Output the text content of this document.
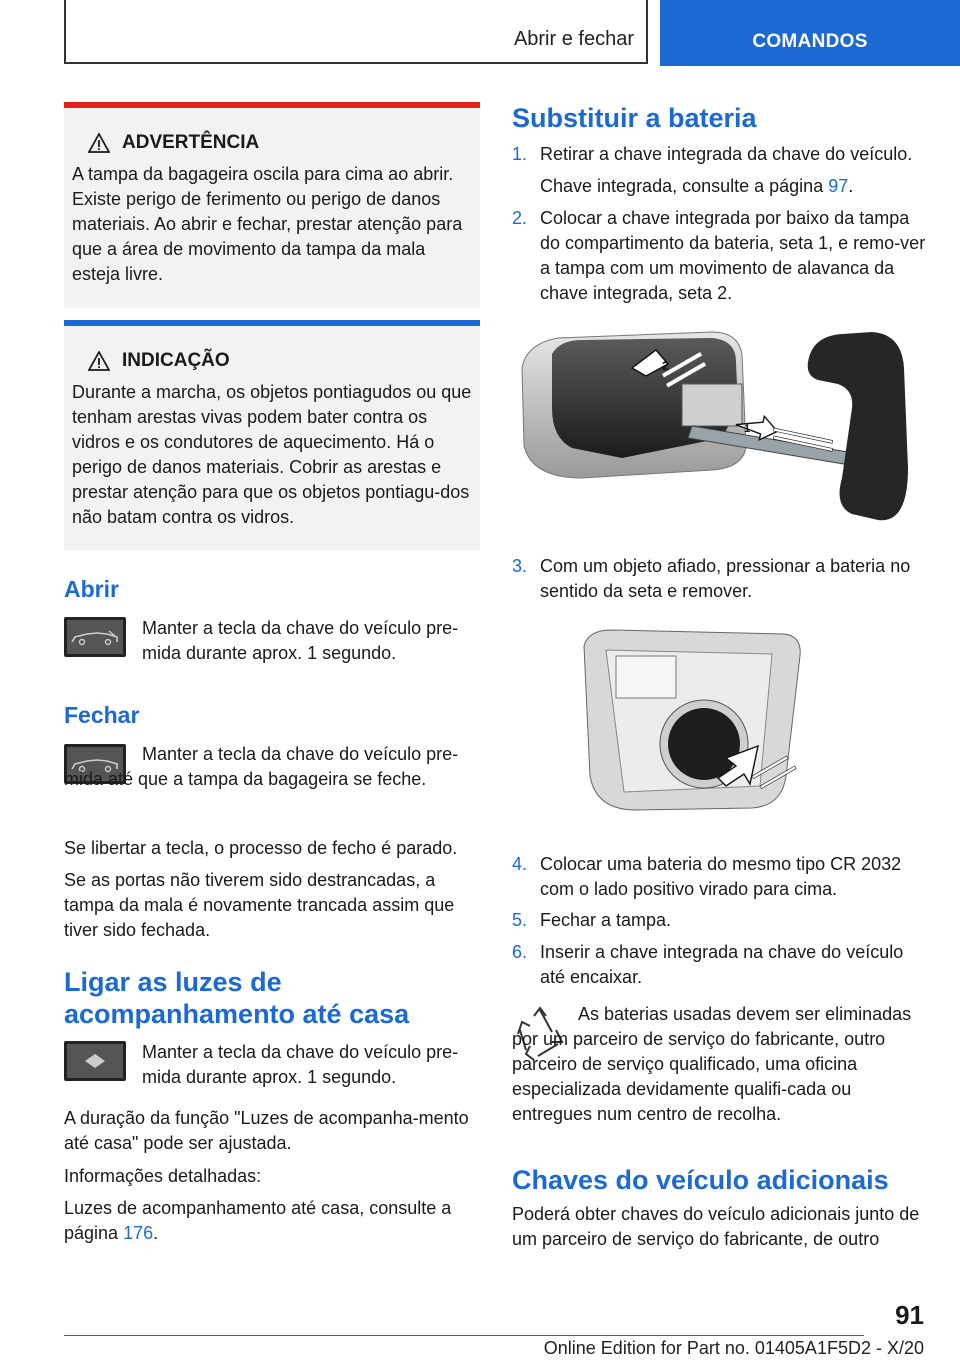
Abrir e fechar	COMANDOS
ADVERTÊNCIA
A tampa da bagageira oscila para cima ao abrir. Existe perigo de ferimento ou perigo de danos materiais. Ao abrir e fechar, prestar atenção para que a área de movimento da tampa da mala esteja livre.
INDICAÇÃO
Durante a marcha, os objetos pontiagudos ou que tenham arestas vivas podem bater contra os vidros e os condutores de aquecimento. Há o perigo de danos materiais. Cobrir as arestas e prestar atenção para que os objetos pontiagu-dos não batam contra os vidros.
Abrir
Manter a tecla da chave do veículo pre-mida durante aprox. 1 segundo.
Fechar
Manter a tecla da chave do veículo pre-mida até que a tampa da bagageira se feche.
Se libertar a tecla, o processo de fecho é parado.
Se as portas não tiverem sido destrancadas, a tampa da mala é novamente trancada assim que tiver sido fechada.
Ligar as luzes de acompanhamento até casa
Manter a tecla da chave do veículo pre-mida durante aprox. 1 segundo.
A duração da função "Luzes de acompanha-mento até casa" pode ser ajustada.
Informações detalhadas:
Luzes de acompanhamento até casa, consulte a página 176.
Substituir a bateria
1. Retirar a chave integrada da chave do veículo.
Chave integrada, consulte a página 97.
2. Colocar a chave integrada por baixo da tampa do compartimento da bateria, seta 1, e remo-ver a tampa com um movimento de alavanca da chave integrada, seta 2.
2
1
3. Com um objeto afiado, pressionar a bateria no sentido da seta e remover.
4. Colocar uma bateria do mesmo tipo CR 2032 com o lado positivo virado para cima.
5. Fechar a tampa.
6. Inserir a chave integrada na chave do veículo até encaixar.
As baterias usadas devem ser eliminadas por um parceiro de serviço do fabricante, outro parceiro de serviço qualificado, uma oficina especializada devidamente qualifi-cada ou entregues num centro de recolha.
Chaves do veículo adicionais
Poderá obter chaves do veículo adicionais junto de um parceiro de serviço do fabricante, de outro
91
Online Edition for Part no. 01405A1F5D2 - X/20
